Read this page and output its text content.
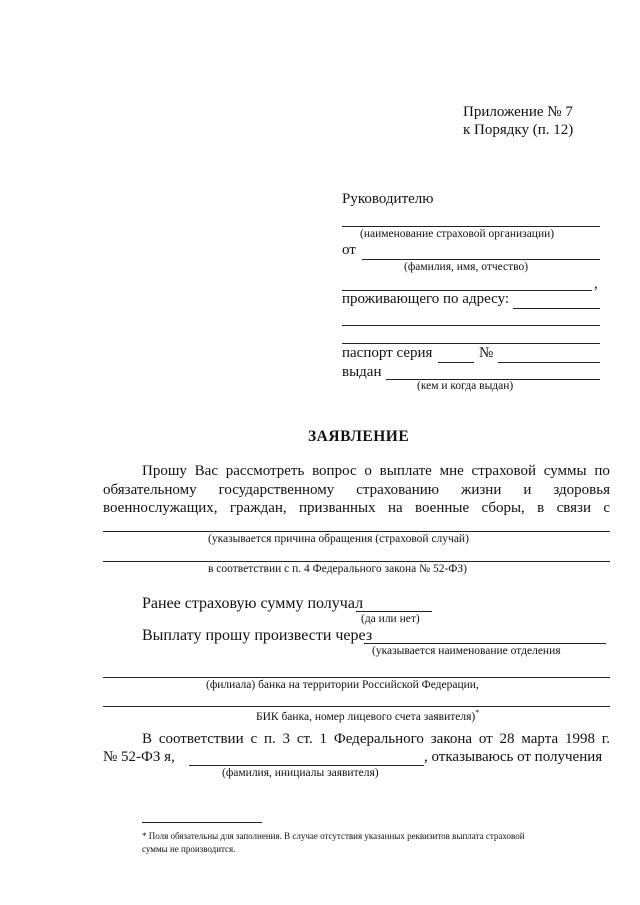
Приложение № 7
к Порядку (п. 12)
Руководителю
(наименование страховой организации)
от
(фамилия, имя, отчество)
,
проживающего по адресу:
паспорт серия	№
выдан
(кем и когда выдан)
ЗАЯВЛЕНИЕ
Прошу Вас рассмотреть вопрос о выплате мне страховой суммы по
обязательному государственному страхованию жизни и здоровья
военнослужащих, граждан, призванных на военные сборы, в связи с
(указывается причина обращения (страховой случай)
в соответствии с п. 4 Федерального закона № 52-ФЗ)
Ранее страховую сумму получал
(да или нет)
Выплату прошу произвести через
(указывается наименование отделения
(филиала) банка на территории Российской Федерации,
БИК банка, номер лицевого счета заявителя)*
В соответствии с п. 3 ст. 1 Федерального закона от 28 марта 1998 г.
№ 52-ФЗ я,	, отказываюсь от получения
(фамилия, инициалы заявителя)
* Поля обязательны для заполнения. В случае отсутствия указанных реквизитов выплата страховой
суммы не производится.
